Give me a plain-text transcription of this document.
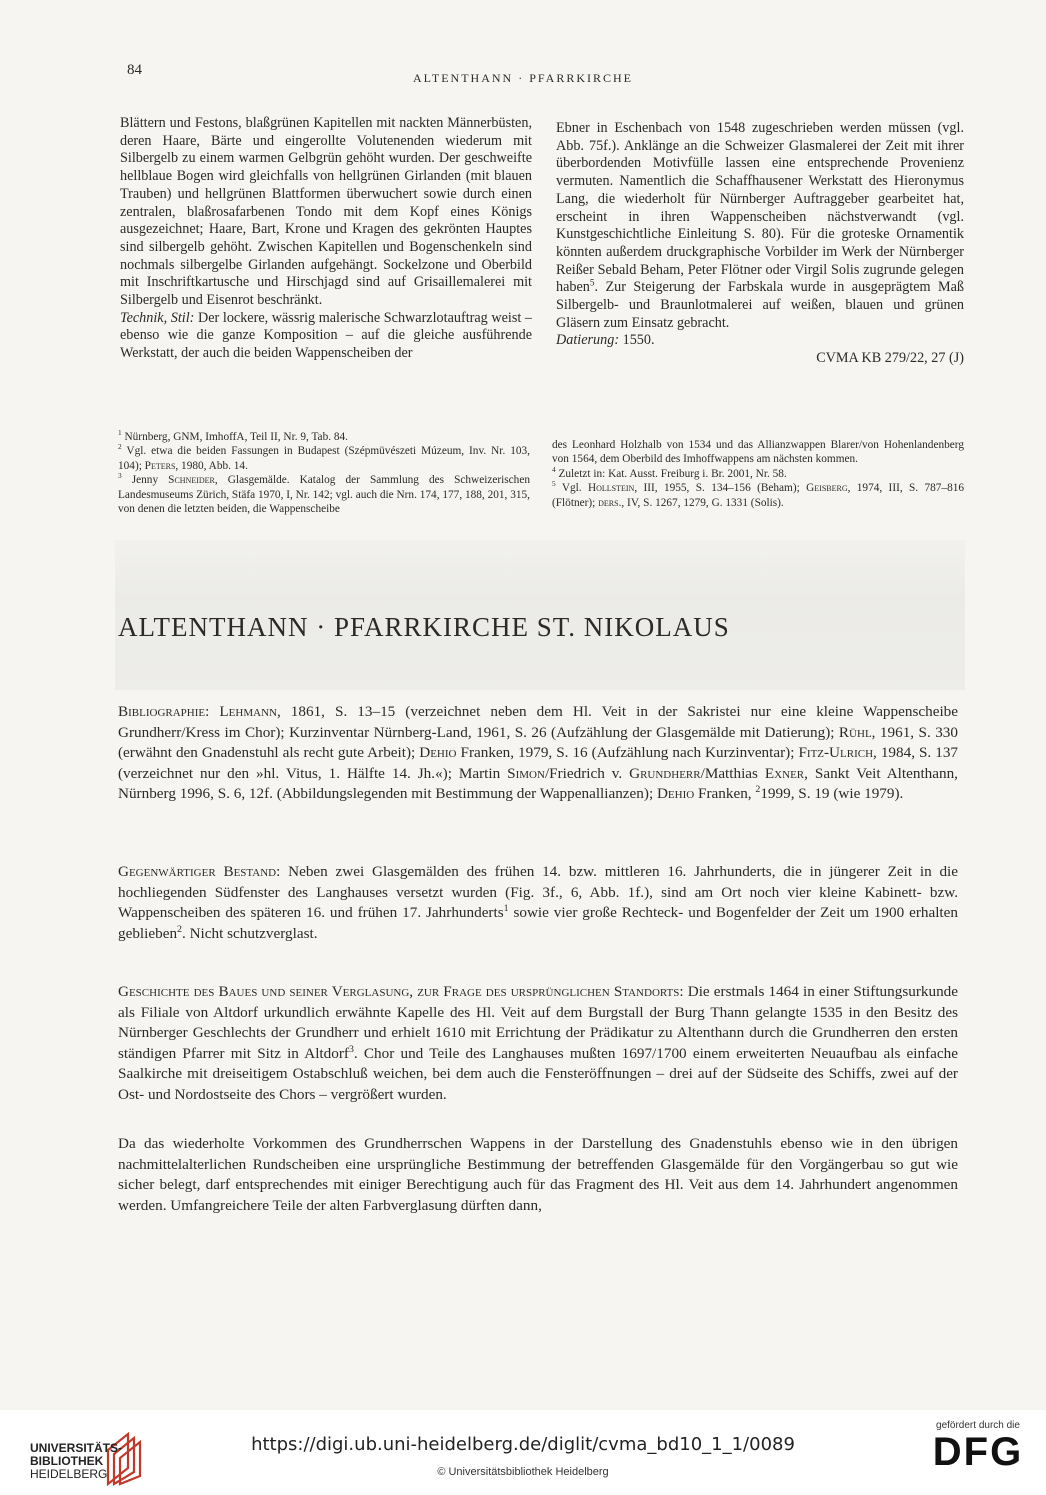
84	ALTENTHANN · PFARRKIRCHE

Blättern und Festons, blaßgrünen Kapitellen mit nackten Männerbüsten, deren Haare, Bärte und eingerollte Volutenenden wiederum mit Silbergelb zu einem warmen Gelbgrün gehöht wurden. Der geschweifte hellblaue Bogen wird gleichfalls von hellgrünen Girlanden (mit blauen Trauben) und hellgrünen Blattformen überwuchert sowie durch einen zentralen, blaßrosafarbenen Tondo mit dem Kopf eines Königs ausgezeichnet; Haare, Bart, Krone und Kragen des gekrönten Hauptes sind silbergelb gehöht. Zwischen Kapitellen und Bogenschenkeln sind nochmals silbergelbe Girlanden aufgehängt. Sockelzone und Oberbild mit Inschriftkartusche und Hirschjagd sind auf Grisaillemalerei mit Silbergelb und Eisenrot beschränkt.

Technik, Stil: Der lockere, wässrig malerische Schwarzlotauftrag weist – ebenso wie die ganze Komposition – auf die gleiche ausführende Werkstatt, der auch die beiden Wappenscheiben der

Ebner in Eschenbach von 1548 zugeschrieben werden müssen (vgl. Abb. 75f.). Anklänge an die Schweizer Glasmalerei der Zeit mit ihrer überbordenden Motivfülle lassen eine entsprechende Provenienz vermuten. Namentlich die Schaffhausener Werkstatt des Hieronymus Lang, die wiederholt für Nürnberger Auftraggeber gearbeitet hat, erscheint in ihren Wappenscheiben nächstverwandt (vgl. Kunstgeschichtliche Einleitung S. 80). Für die groteske Ornamentik könnten außerdem druckgraphische Vorbilder im Werk der Nürnberger Reißer Sebald Beham, Peter Flötner oder Virgil Solis zugrunde gelegen haben$^5$. Zur Steigerung der Farbskala wurde in ausgeprägtem Maß Silbergelb- und Braunlotmalerei auf weißen, blauen und grünen Gläsern zum Einsatz gebracht.

Datierung: 1550.

CVMA KB 279/22, 27 (J)

$^1$ Nürnberg, GNM, ImhoffA, Teil II, Nr. 9, Tab. 84.

$^2$ Vgl. etwa die beiden Fassungen in Budapest (Szépmüvészeti Múzeum, Inv. Nr. 103, 104); Peters, 1980, Abb. 14.

$^3$ Jenny Schneider, Glasgemälde. Katalog der Sammlung des Schweizerischen Landesmuseums Zürich, Stäfa 1970, I, Nr. 142; vgl. auch die Nrn. 174, 177, 188, 201, 315, von denen die letzten beiden, die Wappenscheibe

des Leonhard Holzhalb von 1534 und das Allianzwappen Blarer/von Hohenlandenberg von 1564, dem Oberbild des Imhoffwappens am nächsten kommen.

$^4$ Zuletzt in: Kat. Ausst. Freiburg i. Br. 2001, Nr. 58.

$^5$ Vgl. Hollstein, III, 1955, S. 134–156 (Beham); Geisberg, 1974, III, S. 787–816 (Flötner); ders., IV, S. 1267, 1279, G. 1331 (Solis).

ALTENTHANN · PFARRKIRCHE ST. NIKOLAUS

Bibliographie: Lehmann, 1861, S. 13–15 (verzeichnet neben dem Hl. Veit in der Sakristei nur eine kleine Wappenscheibe Grundherr/Kress im Chor); Kurzinventar Nürnberg-Land, 1961, S. 26 (Aufzählung der Glasgemälde mit Datierung); Rühl, 1961, S. 330 (erwähnt den Gnadenstuhl als recht gute Arbeit); Dehio Franken, 1979, S. 16 (Aufzählung nach Kurzinventar); Fitz-Ulrich, 1984, S. 137 (verzeichnet nur den »hl. Vitus, 1. Hälfte 14. Jh.«); Martin Simon/Friedrich v. Grundherr/Matthias Exner, Sankt Veit Altenthann, Nürnberg 1996, S. 6, 12f. (Abbildungslegenden mit Bestimmung der Wappenallianzen); Dehio Franken, $^2$1999, S. 19 (wie 1979).

Gegenwärtiger Bestand: Neben zwei Glasgemälden des frühen 14. bzw. mittleren 16. Jahrhunderts, die in jüngerer Zeit in die hochliegenden Südfenster des Langhauses versetzt wurden (Fig. 3f., 6, Abb. 1f.), sind am Ort noch vier kleine Kabinett- bzw. Wappenscheiben des späteren 16. und frühen 17. Jahrhunderts$^1$ sowie vier große Rechteck- und Bogenfelder der Zeit um 1900 erhalten geblieben$^2$. Nicht schutzverglast.

Geschichte des Baues und seiner Verglasung, zur Frage des ursprünglichen Standorts: Die erstmals 1464 in einer Stiftungsurkunde als Filiale von Altdorf urkundlich erwähnte Kapelle des Hl. Veit auf dem Burgstall der Burg Thann gelangte 1535 in den Besitz des Nürnberger Geschlechts der Grundherr und erhielt 1610 mit Errichtung der Prädikatur zu Altenthann durch die Grundherren den ersten ständigen Pfarrer mit Sitz in Altdorf$^3$. Chor und Teile des Langhauses mußten 1697/1700 einem erweiterten Neuaufbau als einfache Saalkirche mit dreiseitigem Ostabschluß weichen, bei dem auch die Fensteröffnungen – drei auf der Südseite des Schiffs, zwei auf der Ost- und Nordostseite des Chors – vergrößert wurden.

Da das wiederholte Vorkommen des Grundherrschen Wappens in der Darstellung des Gnadenstuhls ebenso wie in den übrigen nachmittelalterlichen Rundscheiben eine ursprüngliche Bestimmung der betreffenden Glasgemälde für den Vorgängerbau so gut wie sicher belegt, darf entsprechendes mit einiger Berechtigung auch für das Fragment des Hl. Veit aus dem 14. Jahrhundert angenommen werden. Umfangreichere Teile der alten Farbverglasung dürften dann,

UNIVERSITÄTS-
BIBLIOTHEK
HEIDELBERG
gefördert durch die
DFG
https://digi.ub.uni-heidelberg.de/diglit/cvma_bd10_1_1/0089
© Universitätsbibliothek Heidelberg
